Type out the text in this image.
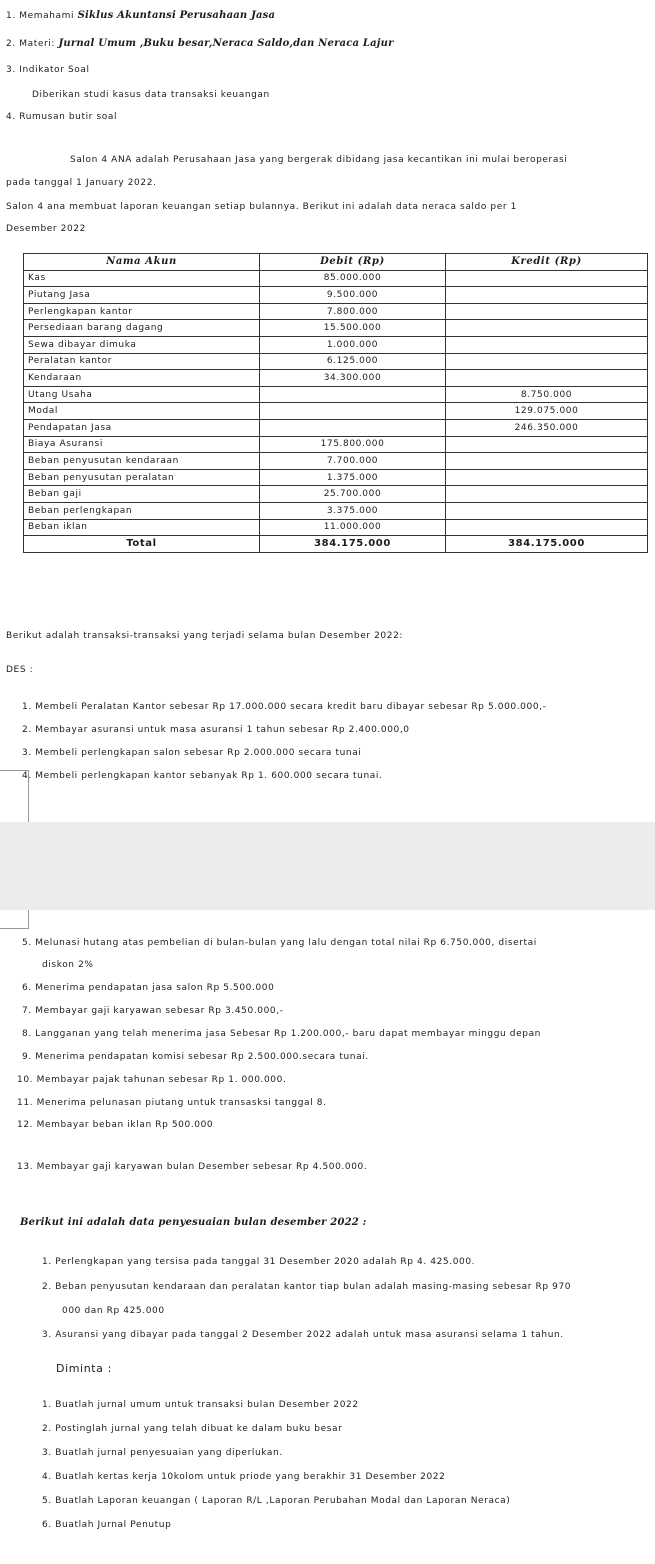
1. Memahami Siklus Akuntansi Perusahaan Jasa
2. Materi: Jurnal Umum ,Buku besar,Neraca Saldo,dan Neraca Lajur
3. Indikator Soal
Diberikan studi kasus data transaksi keuangan
4. Rumusan butir soal
Salon 4 ANA adalah Perusahaan Jasa yang bergerak dibidang jasa kecantikan ini mulai beroperasi
pada tanggal 1 January 2022.
Salon 4 ana membuat laporan keuangan setiap bulannya. Berikut ini adalah data neraca saldo per 1
Desember 2022
Nama Akun	Debit (Rp)	Kredit (Rp)
Kas	85.000.000	
Piutang Jasa	9.500.000	
Perlengkapan kantor	7.800.000	
Persediaan barang dagang	15.500.000	
Sewa dibayar dimuka	1.000.000	
Peralatan kantor	6.125.000	
Kendaraan	34.300.000	
Utang Usaha		8.750.000
Modal		129.075.000
Pendapatan Jasa		246.350.000
Biaya Asuransi	175.800.000	
Beban penyusutan kendaraan	7.700.000	
Beban penyusutan peralatan	1.375.000	
Beban gaji	25.700.000	
Beban perlengkapan	3.375.000	
Beban iklan	11.000.000	
Total	384.175.000	384.175.000
Berikut adalah transaksi-transaksi yang terjadi selama bulan Desember 2022:
DES :
1. Membeli Peralatan Kantor sebesar Rp 17.000.000 secara kredit baru dibayar sebesar Rp 5.000.000,-
2. Membayar asuransi untuk masa asuransi 1 tahun sebesar Rp 2.400.000,0
3. Membeli perlengkapan salon sebesar Rp 2.000.000 secara tunai
4. Membeli perlengkapan kantor sebanyak Rp 1. 600.000 secara tunai.
5. Melunasi hutang atas pembelian di bulan-bulan yang lalu dengan total nilai Rp 6.750.000, disertai
diskon 2%
6. Menerima pendapatan jasa salon Rp 5.500.000
7. Membayar gaji karyawan sebesar Rp 3.450.000,-
8. Langganan yang telah menerima jasa Sebesar Rp 1.200.000,- baru dapat membayar minggu depan
9. Menerima pendapatan komisi sebesar Rp 2.500.000.secara tunai.
10. Membayar pajak tahunan sebesar Rp 1. 000.000.
11. Menerima pelunasan piutang untuk transasksi tanggal 8.
12. Membayar beban iklan Rp 500.000
13. Membayar gaji karyawan bulan Desember sebesar Rp 4.500.000.
Berikut ini adalah data penyesuaian bulan desember 2022 :
1. Perlengkapan yang tersisa pada tanggal 31 Desember 2020 adalah Rp 4. 425.000.
2. Beban penyusutan kendaraan dan peralatan kantor tiap bulan adalah masing-masing sebesar Rp 970
000 dan Rp 425.000
3. Asuransi yang dibayar pada tanggal 2 Desember 2022 adalah untuk masa asuransi selama 1 tahun.
Diminta :
1. Buatlah jurnal umum untuk transaksi bulan Desember 2022
2. Postinglah jurnal yang telah dibuat ke dalam buku besar
3. Buatlah jurnal penyesuaian yang diperlukan.
4. Buatlah kertas kerja 10kolom untuk priode yang berakhir 31 Desember 2022
5. Buatlah Laporan keuangan ( Laporan R/L ,Laporan Perubahan Modal dan Laporan Neraca)
6. Buatlah Jurnal Penutup
